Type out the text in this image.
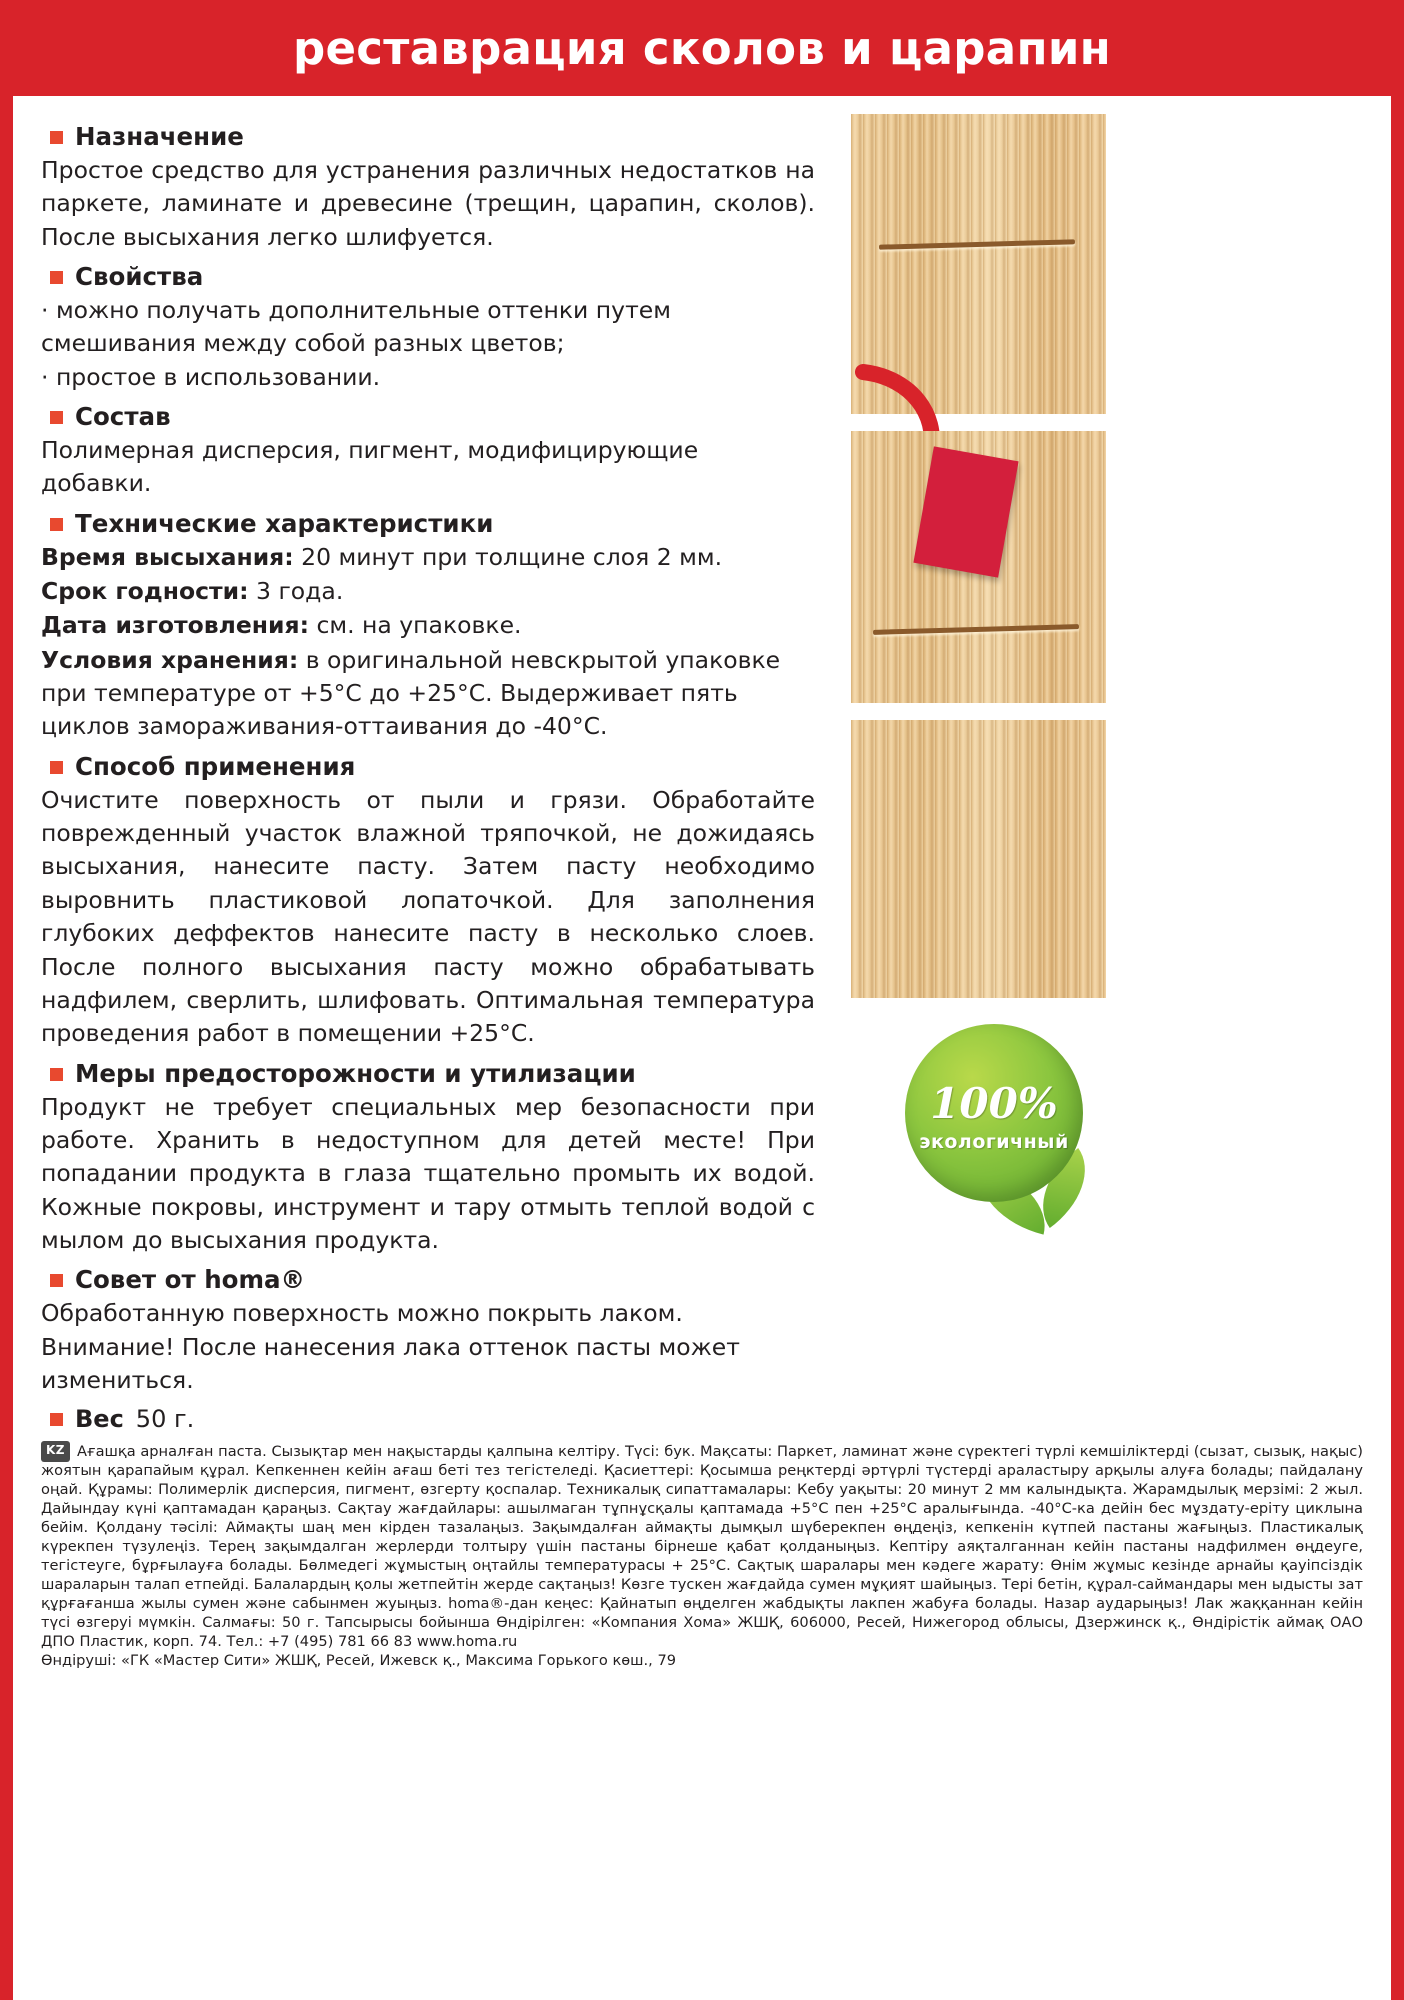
реставрация сколов и царапин
Назначение

Простое средство для устранения различных недостатков на паркете, ламинате и древесине (трещин, царапин, сколов). После высыхания легко шлифуется.

Свойства

· можно получать дополнительные оттенки путем смешивания между собой разных цветов;

· простое в использовании.

Состав

Полимерная дисперсия, пигмент, модифицирующие добавки.

Технические характеристики

Время высыхания: 20 минут при толщине слоя 2 мм.

Срок годности: 3 года.

Дата изготовления: см. на упаковке.

Условия хранения: в оригинальной невскрытой упаковке при температуре от +5°C до +25°C. Выдерживает пять циклов замораживания-оттаивания до -40°C.

Способ применения

Очистите поверхность от пыли и грязи. Обработайте поврежденный участок влажной тряпочкой, не дожидаясь высыхания, нанесите пасту. Затем пасту необходимо выровнить пластиковой лопаточкой. Для заполнения глубоких деффектов нанесите пасту в несколько слоев. После полного высыхания пасту можно обрабатывать надфилем, сверлить, шлифовать. Оптимальная температура проведения работ в помещении +25°C.

Меры предосторожности и утилизации

Продукт не требует специальных мер безопасности при работе. Хранить в недоступном для детей месте! При попадании продукта в глаза тщательно промыть их водой. Кожные покровы, инструмент и тару отмыть теплой водой с мылом до высыхания продукта.

Совет от homa®

Обработанную поверхность можно покрыть лаком. Внимание! После нанесения лака оттенок пасты может измениться.

Вес 50 г.
100%
экологичный

KZ Ағашқа арналған паста. Сызықтар мен нақыстарды қалпына келтіру. Түсі: бук. Мақсаты: Паркет, ламинат және сүректегі түрлі кемшіліктерді (сызат, сызық, нақыс) жоятын қарапайым құрал. Кепкеннен кейін ағаш беті тез тегістеледі. Қасиеттері: Қосымша реңктерді әртүрлі түстерді араластыру арқылы алуға болады; пайдалану оңай. Құрамы: Полимерлік дисперсия, пигмент, өзгерту қоспалар. Техникалық сипаттамалары: Кебу уақыты: 20 минут 2 мм калындықта. Жарамдылық мерзімі: 2 жыл. Дайындау күні қаптамадан қараңыз. Сақтау жағдайлары: ашылмаган тұпнұсқалы қаптамада +5°С пен +25°С аралығында. -40°С-ка дейін бес мұздату-еріту циклына бейім. Қолдану тәсілі: Аймақты шаң мен кірден тазалаңыз. Зақымдалған аймақты дымқыл шүберекпен өңдеңіз, кепкенін күтпей пастаны жағыңыз. Пластикалық күрекпен түзулеңіз. Терең зақымдалган жерлерди толтыру үшін пастаны бірнеше қабат қолданыңыз. Кептіру аяқталганнан кейін пастаны надфилмен өңдеуге, тегістеуге, бұрғылауға болады. Бөлмедегі жұмыстың оңтайлы температурасы + 25°С. Сақтық шаралары мен кәдеге жарату: Өнім жұмыс кезінде арнайы қауіпсіздік шараларын талап етпейді. Балалардың қолы жетпейтін жерде сақтаңыз! Көзге тускен жағдайда сумен мұқият шайыңыз. Тері бетін, құрал-саймандары мен ыдысты зат құрғағанша жылы сумен және сабынмен жуыңыз. homa®-дан кеңес: Қайнатып өңделген жабдықты лакпен жабуға болады. Назар аударыңыз! Лак жаққаннан кейін түсі өзгеруі мүмкін. Салмағы: 50 г. Тапсырысы бойынша Өндірілген: «Компания Хома» ЖШҚ, 606000, Ресей, Нижегород облысы, Дзержинск қ., Өндірістік аймақ ОАО ДПО Пластик, корп. 74. Тел.: +7 (495) 781 66 83 www.homa.ru

Өндіруші: «ГК «Мастер Сити» ЖШҚ, Ресей, Ижевск қ., Максима Горького көш., 79
